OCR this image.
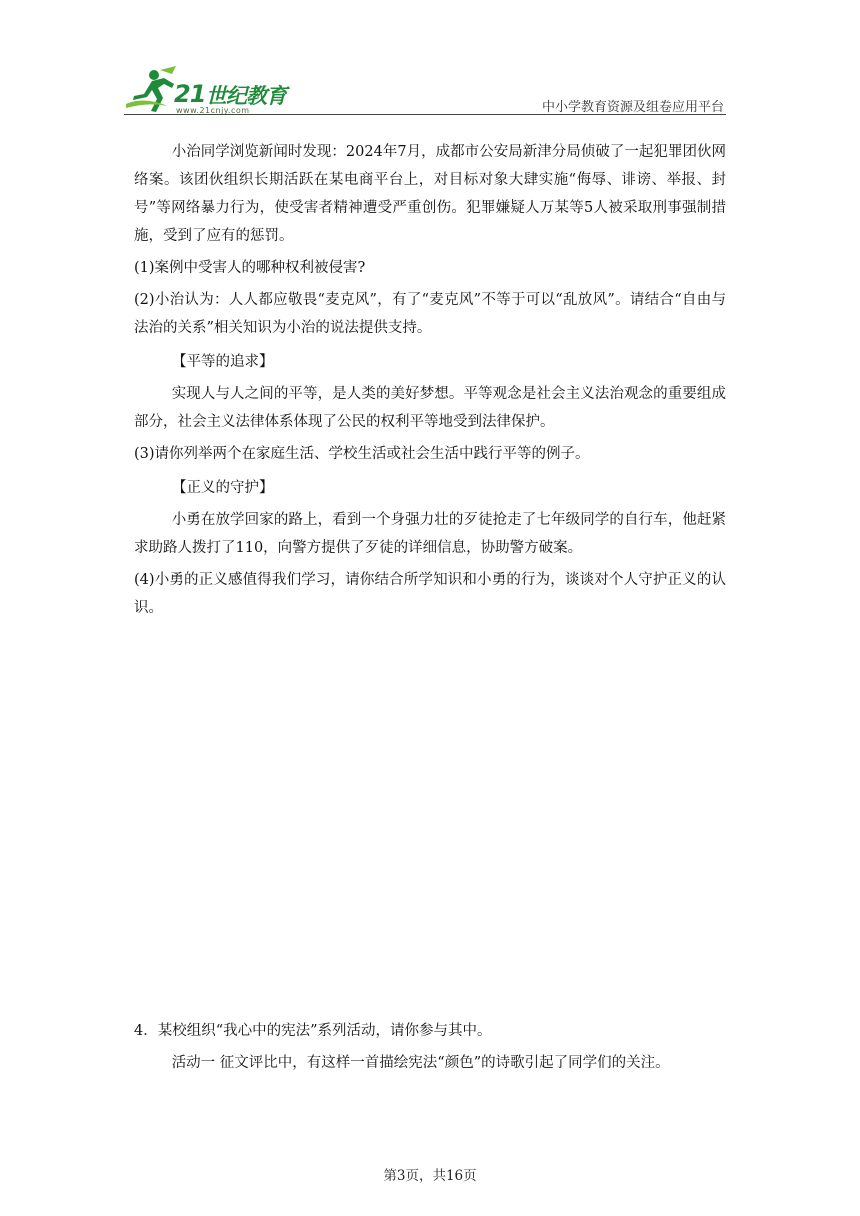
21 世纪教育
www.21cnjy.com	中小学教育资源及组卷应用平台

小治同学浏览新闻时发现：2024年7月，成都市公安局新津分局侦破了一起犯罪团伙网络案。该团伙组织长期活跃在某电商平台上，对目标对象大肆实施“侮辱、诽谤、举报、封号”等网络暴力行为，使受害者精神遭受严重创伤。犯罪嫌疑人万某等5人被采取刑事强制措施，受到了应有的惩罚。

(1)案例中受害人的哪种权利被侵害?

(2)小治认为：人人都应敬畏“麦克风”，有了“麦克风”不等于可以“乱放风”。请结合“自由与法治的关系”相关知识为小治的说法提供支持。

【平等的追求】

实现人与人之间的平等，是人类的美好梦想。平等观念是社会主义法治观念的重要组成部分，社会主义法律体系体现了公民的权利平等地受到法律保护。

(3)请你列举两个在家庭生活、学校生活或社会生活中践行平等的例子。

【正义的守护】

小勇在放学回家的路上，看到一个身强力壮的歹徒抢走了七年级同学的自行车，他赶紧求助路人拨打了110，向警方提供了歹徒的详细信息，协助警方破案。

(4)小勇的正义感值得我们学习，请你结合所学知识和小勇的行为，谈谈对个人守护正义的认识。

4．某校组织“我心中的宪法”系列活动，请你参与其中。

活动一 征文评比中，有这样一首描绘宪法“颜色”的诗歌引起了同学们的关注。

第3页，共16页
